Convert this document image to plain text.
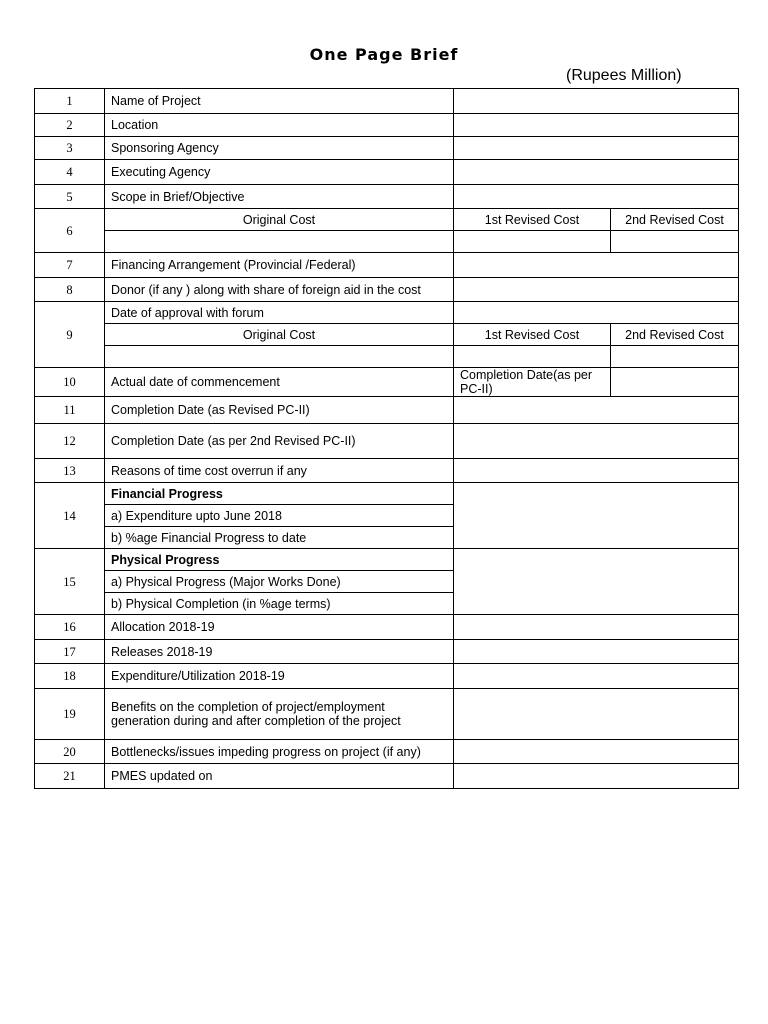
One Page Brief
(Rupees Million)
1	Name of Project		
2	Location		
3	Sponsoring Agency		
4	Executing Agency		
5	Scope in Brief/Objective		
6	Original Cost	1st Revised Cost	2nd Revised Cost

7	Financing Arrangement (Provincial /Federal)		
8	Donor (if any ) along with share of foreign aid in the cost		
9	Date of approval with forum		
	Original Cost	1st Revised Cost	2nd Revised Cost

10	Actual date of commencement	Completion Date(as per PC-II)	
11	Completion Date (as Revised PC-II)		
12	Completion Date (as per 2nd Revised PC-II)		
13	Reasons of time cost overrun if any		
14	Financial Progress		
	a) Expenditure upto June 2018		
	b) %age Financial Progress to date		
15	Physical Progress		
	a) Physical Progress (Major Works Done)		
	b) Physical Completion (in %age terms)		
16	Allocation 2018-19		
17	Releases 2018-19		
18	Expenditure/Utilization 2018-19		
19	Benefits on the completion of project/employment generation during and after completion of the project		
20	Bottlenecks/issues impeding progress on project (if any)		
21	PMES updated on		
